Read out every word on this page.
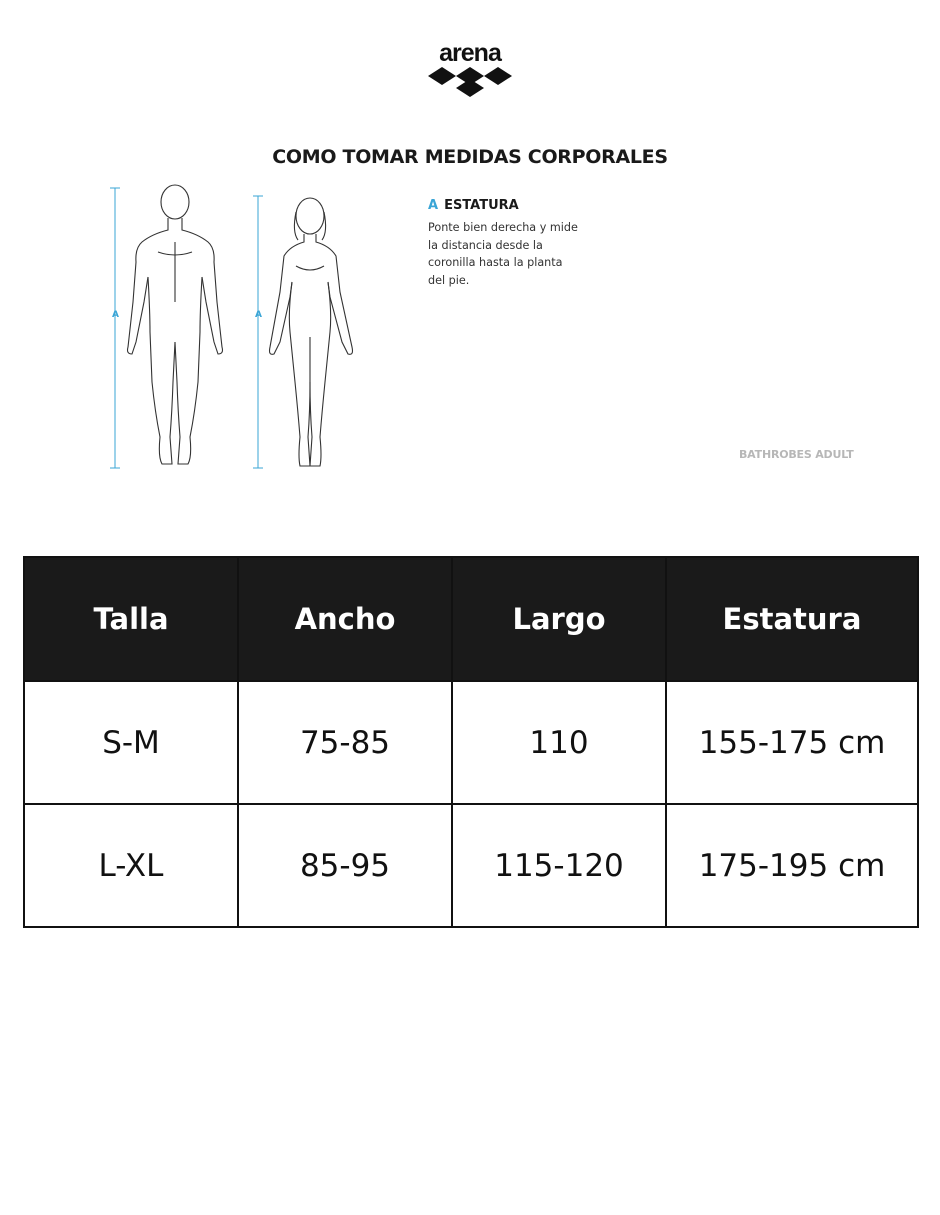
arena
COMO TOMAR MEDIDAS CORPORALES
A	A
A ESTATURA
Ponte bien derecha y mide la distancia desde la coronilla hasta la planta del pie.
BATHROBES ADULT
Talla	Ancho	Largo	Estatura
S-M	75-85	110	155-175 cm
L-XL	85-95	115-120	175-195 cm
